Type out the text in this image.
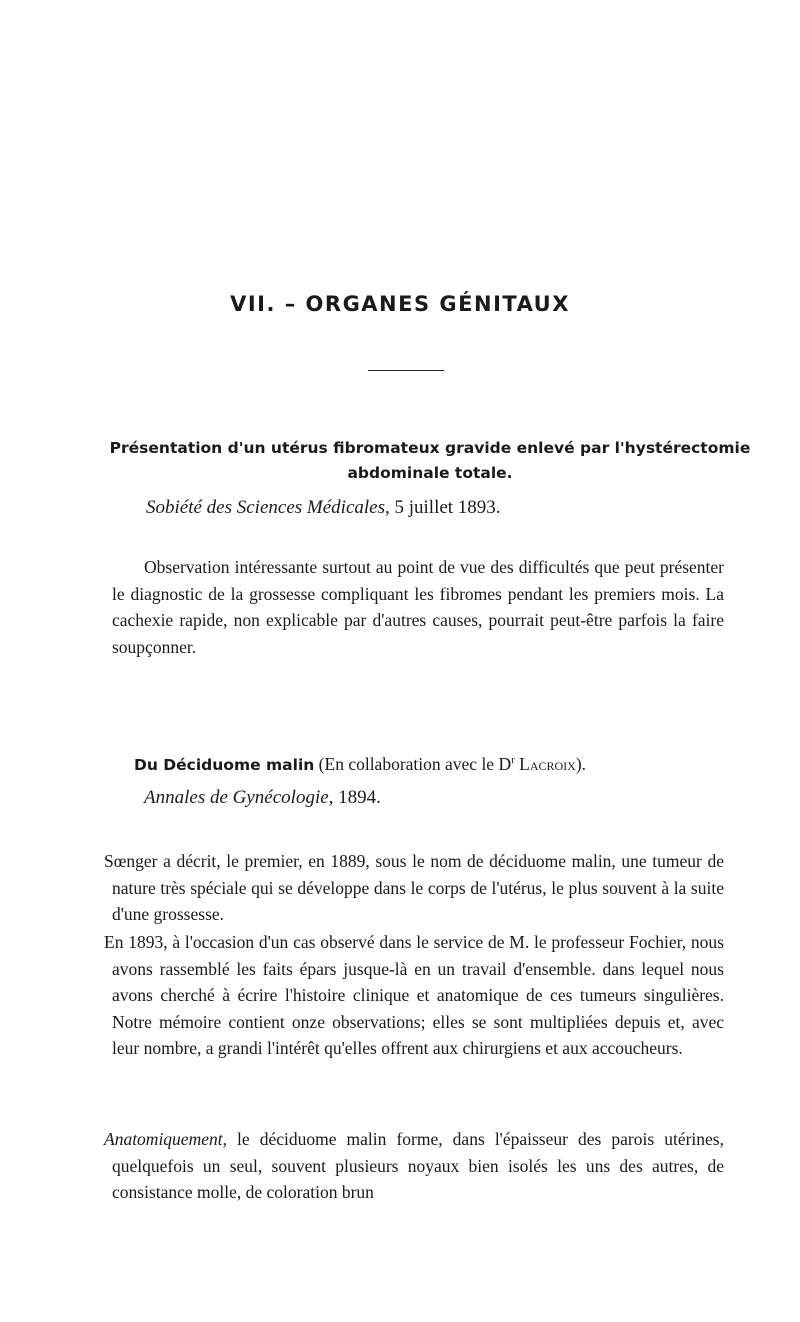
VII. – ORGANES GÉNITAUX

Présentation d'un utérus fibromateux gravide enlevé par l'hystérectomie

abdominale totale.

Sobiété des Sciences Médicales, 5 juillet 1893.

Observation intéressante surtout au point de vue des difficultés que peut présenter le diagnostic de la grossesse compliquant les fibromes pendant les premiers mois. La cachexie rapide, non explicable par d'autres causes, pourrait peut-être parfois la faire soupçonner.

Du Déciduome malin (En collaboration avec le $D^r$ Lacroix).

Annales de Gynécologie, 1894.

Sœnger a décrit, le premier, en 1889, sous le nom de déciduome malin, une tumeur de nature très spéciale qui se développe dans le corps de l'utérus, le plus souvent à la suite d'une grossesse.

En 1893, à l'occasion d'un cas observé dans le service de M. le professeur Fochier, nous avons rassemblé les faits épars jusque-là en un travail d'ensemble. dans lequel nous avons cherché à écrire l'histoire clinique et anatomique de ces tumeurs singulières. Notre mémoire contient onze observations; elles se sont multipliées depuis et, avec leur nombre, a grandi l'intérêt qu'elles offrent aux chirurgiens et aux accoucheurs.

Anatomiquement, le déciduome malin forme, dans l'épaisseur des parois utérines, quelquefois un seul, souvent plusieurs noyaux bien isolés les uns des autres, de consistance molle, de coloration brun
